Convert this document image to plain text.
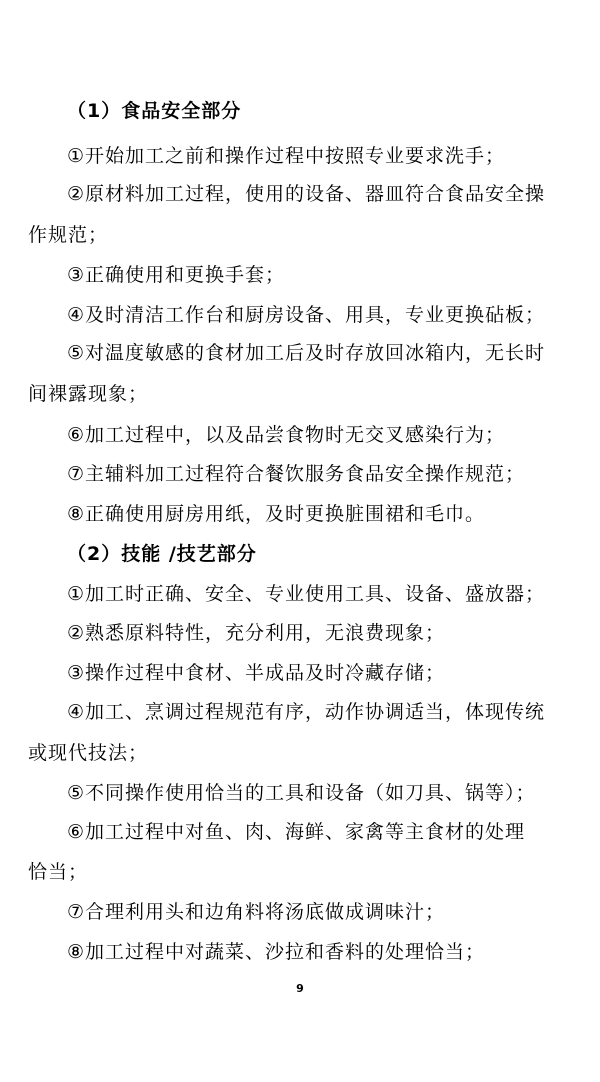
（1）食品安全部分
①开始加工之前和操作过程中按照专业要求洗手；
②原材料加工过程，使用的设备、器皿符合食品安全操
作规范；
③正确使用和更换手套；
④及时清洁工作台和厨房设备、用具，专业更换砧板；
⑤对温度敏感的食材加工后及时存放回冰箱内，无长时
间裸露现象；
⑥加工过程中，以及品尝食物时无交叉感染行为；
⑦主辅料加工过程符合餐饮服务食品安全操作规范；
⑧正确使用厨房用纸，及时更换脏围裙和毛巾。
（2）技能 /技艺部分
①加工时正确、安全、专业使用工具、设备、盛放器；
②熟悉原料特性，充分利用，无浪费现象；
③操作过程中食材、半成品及时冷藏存储；
④加工、烹调过程规范有序，动作协调适当，体现传统
或现代技法；
⑤不同操作使用恰当的工具和设备（如刀具、锅等）；
⑥加工过程中对鱼、肉、海鲜、家禽等主食材的处理
恰当；
⑦合理利用头和边角料将汤底做成调味汁；
⑧加工过程中对蔬菜、沙拉和香料的处理恰当；
9
